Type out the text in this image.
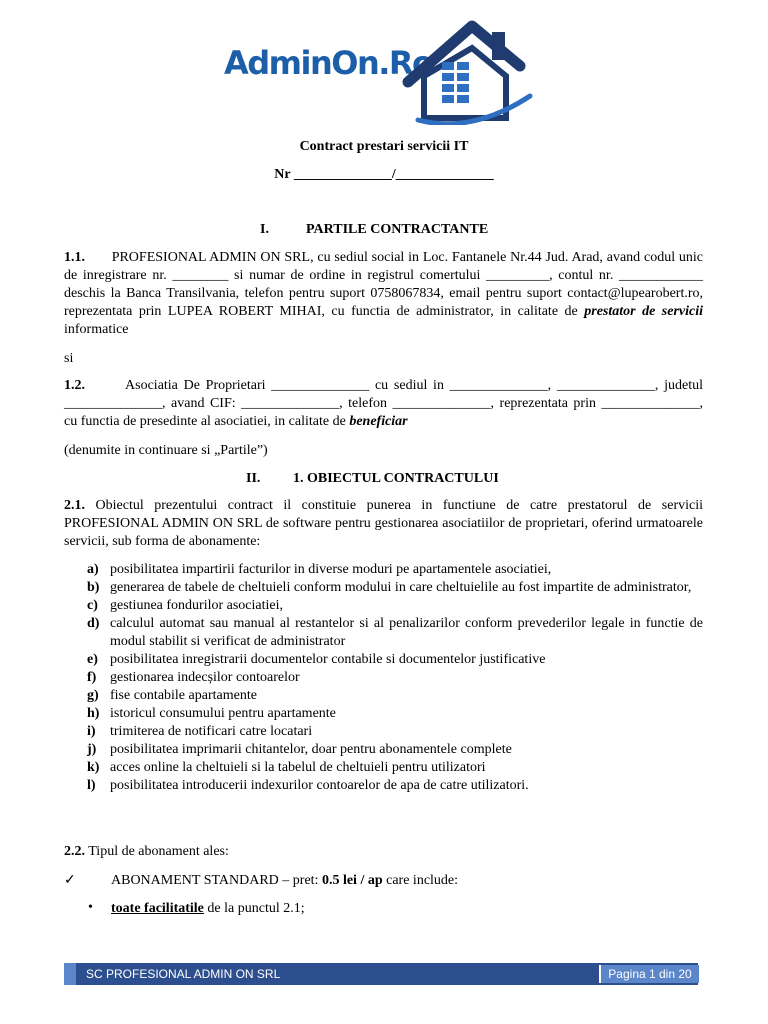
AdminOn.Ro
Contract prestari servicii IT
Nr ______________/______________
I.	PARTILE CONTRACTANTE
1.1. PROFESIONAL ADMIN ON SRL, cu sediul social in Loc. Fantanele Nr.44 Jud. Arad, avand codul unic de inregistrare nr. ________ si numar de ordine in registrul comertului _________, contul nr. ____________ deschis la Banca Transilvania, telefon pentru suport 0758067834, email pentru suport contact@lupearobert.ro, reprezentata prin LUPEA ROBERT MIHAI, cu functia de administrator, in calitate de prestator de servicii informatice
si
1.2.	Asociatia De Proprietari ______________ cu sediul in ______________, ______________, judetul ______________, avand CIF: ______________, telefon ______________, reprezentata prin ______________, cu functia de presedinte al asociatiei, in calitate de beneficiar
(denumite in continuare si „Partile”)
II. 1. OBIECTUL CONTRACTULUI
2.1. Obiectul prezentului contract il constituie punerea in functiune de catre prestatorul de servicii PROFESIONAL ADMIN ON SRL de software pentru gestionarea asociatiilor de proprietari, oferind urmatoarele servicii, sub forma de abonamente:
a) posibilitatea impartirii facturilor in diverse moduri pe apartamentele asociatiei,
b) generarea de tabele de cheltuieli conform modului in care cheltuielile au fost impartite de administrator,
c) gestiunea fondurilor asociatiei,
d) calculul automat sau manual al restantelor si al penalizarilor conform prevederilor legale in functie de modul stabilit si verificat de administrator
e) posibilitatea inregistrarii documentelor contabile si documentelor justificative
f) gestionarea indecșilor contoarelor
g) fise contabile apartamente
h) istoricul consumului pentru apartamente
i) trimiterea de notificari catre locatari
j) posibilitatea imprimarii chitantelor, doar pentru abonamentele complete
k) acces online la cheltuieli si la tabelul de cheltuieli pentru utilizatori
l) posibilitatea introducerii indexurilor contoarelor de apa de catre utilizatori.
2.2. Tipul de abonament ales:
✓	ABONAMENT STANDARD – pret: 0.5 lei / ap care include:
• toate facilitatile de la punctul 2.1;
SC PROFESIONAL ADMIN ON SRL	Pagina 1 din 20
